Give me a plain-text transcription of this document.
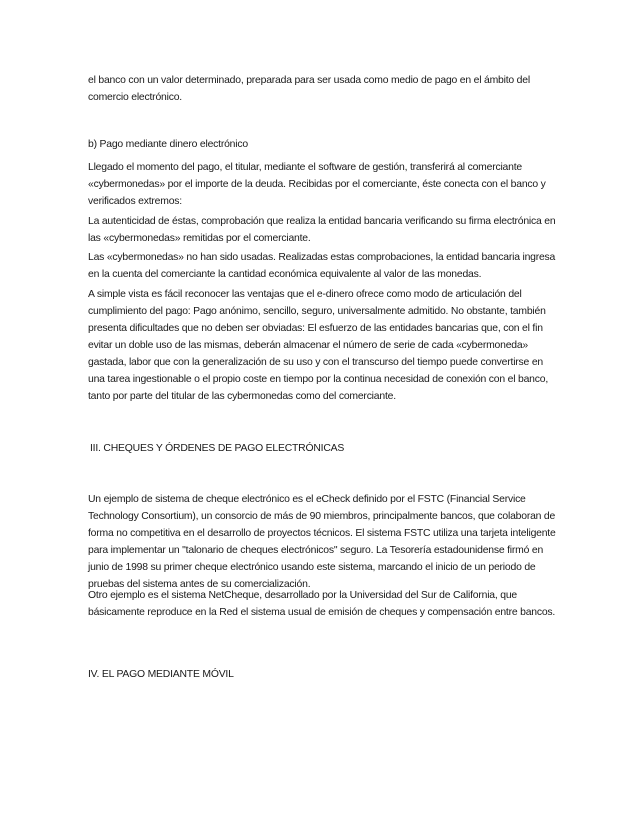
el banco con un valor determinado, preparada para ser usada como medio de pago en el ámbito del comercio electrónico.

b) Pago mediante dinero electrónico

Llegado el momento del pago, el titular, mediante el software de gestión, transferirá al comerciante «cybermonedas» por el importe de la deuda. Recibidas por el comerciante, éste conecta con el banco y verificados extremos:

La autenticidad de éstas, comprobación que realiza la entidad bancaria verificando su firma electrónica en las «cybermonedas» remitidas por el comerciante.

Las «cybermonedas» no han sido usadas. Realizadas estas comprobaciones, la entidad bancaria ingresa en la cuenta del comerciante la cantidad económica equivalente al valor de las monedas.

A simple vista es fácil reconocer las ventajas que el e-dinero ofrece como modo de articulación del cumplimiento del pago: Pago anónimo, sencillo, seguro, universalmente admitido. No obstante, también presenta dificultades que no deben ser obviadas: El esfuerzo de las entidades bancarias que, con el fin evitar un doble uso de las mismas, deberán almacenar el número de serie de cada «cybermoneda» gastada, labor que con la generalización de su uso y con el transcurso del tiempo puede convertirse en una tarea ingestionable o el propio coste en tiempo por la continua necesidad de conexión con el banco, tanto por parte del titular de las cybermonedas como del comerciante.

III. CHEQUES Y ÓRDENES DE PAGO ELECTRÓNICAS

Un ejemplo de sistema de cheque electrónico es el eCheck definido por el FSTC (Financial Service Technology Consortium), un consorcio de más de 90 miembros, principalmente bancos, que colaboran de forma no competitiva en el desarrollo de proyectos técnicos. El sistema FSTC utiliza una tarjeta inteligente para implementar un "talonario de cheques electrónicos" seguro. La Tesorería estadounidense firmó en junio de 1998 su primer cheque electrónico usando este sistema, marcando el inicio de un periodo de pruebas del sistema antes de su comercialización.

Otro ejemplo es el sistema NetCheque, desarrollado por la Universidad del Sur de California, que básicamente reproduce en la Red el sistema usual de emisión de cheques y compensación entre bancos.

IV. EL PAGO MEDIANTE MÓVIL
